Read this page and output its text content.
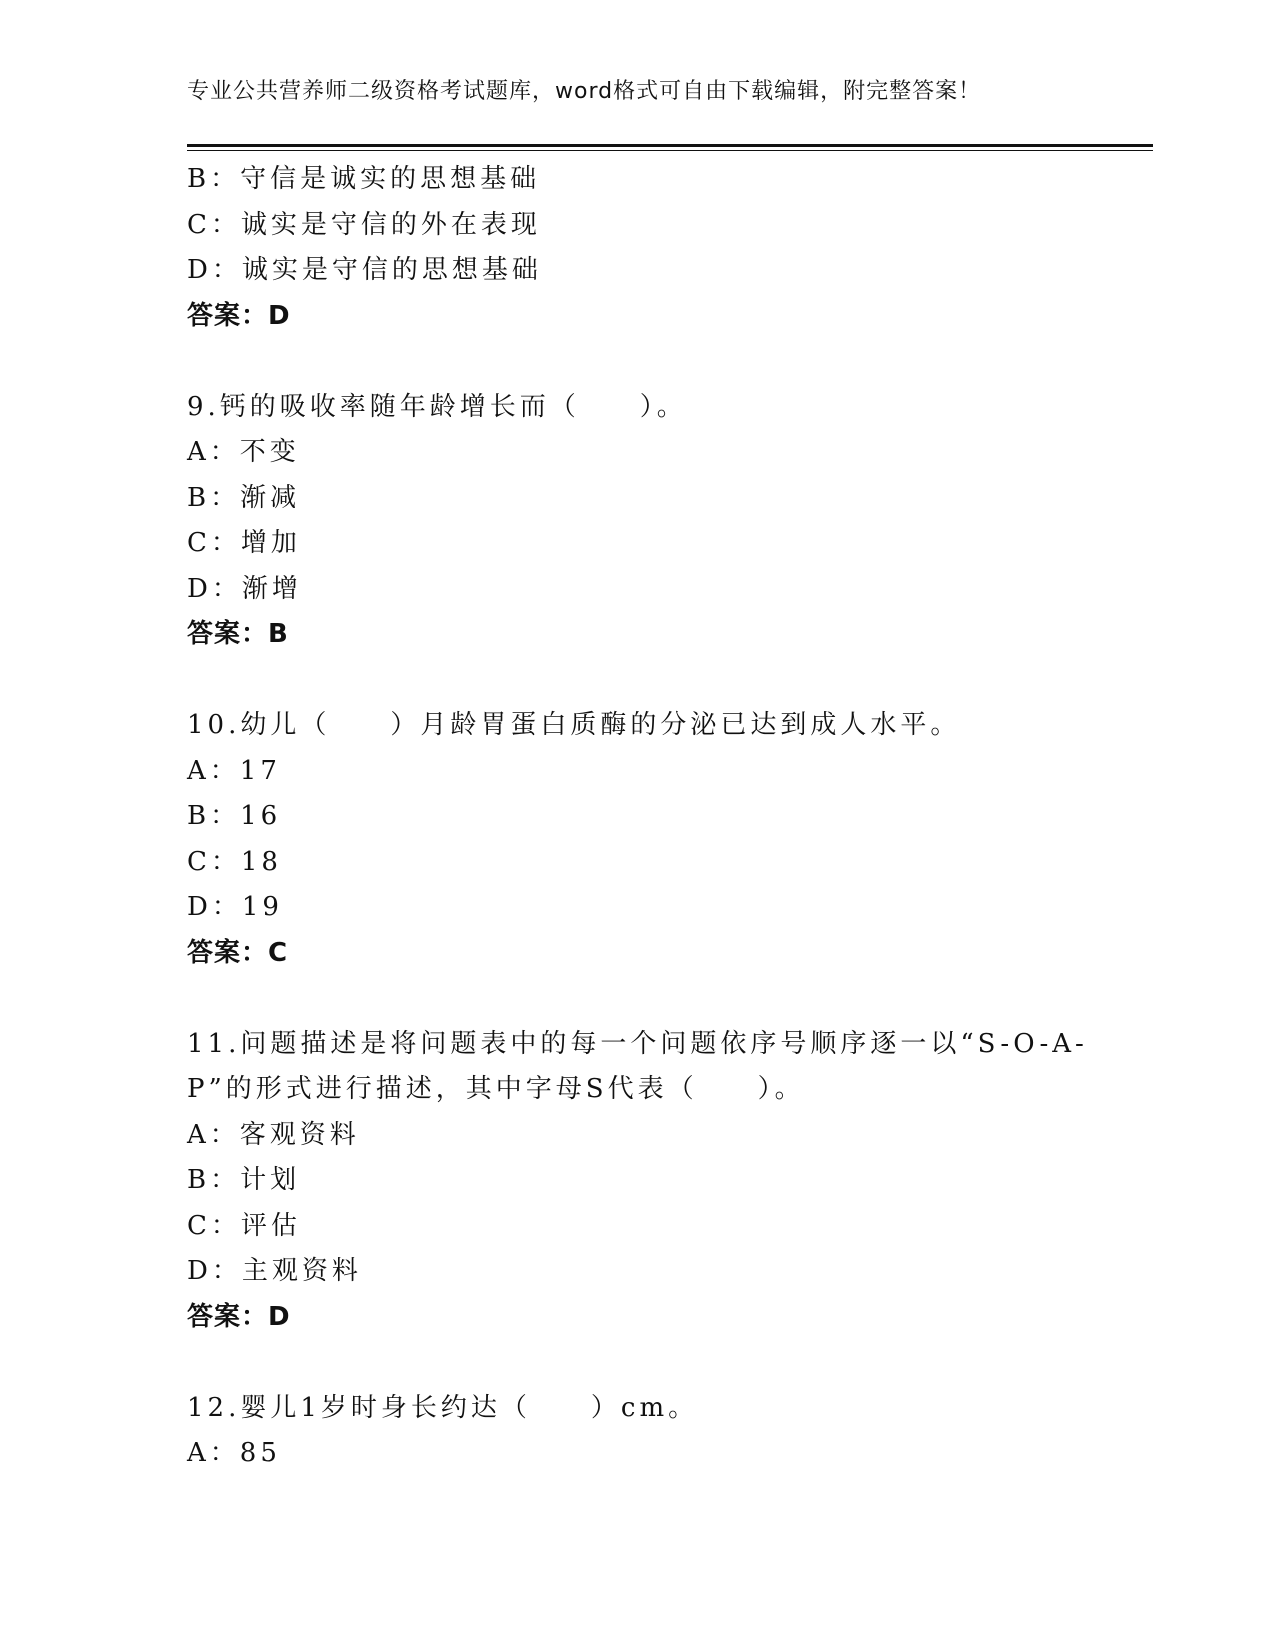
专业公共营养师二级资格考试题库，word格式可自由下载编辑，附完整答案！
B：守信是诚实的思想基础
C：诚实是守信的外在表现
D：诚实是守信的思想基础
答案：D
9.钙的吸收率随年龄增长而（　　）。
A：不变
B：渐减
C：增加
D：渐增
答案：B
10.幼儿（　　）月龄胃蛋白质酶的分泌已达到成人水平。
A：17
B：16
C：18
D：19
答案：C
11.问题描述是将问题表中的每一个问题依序号顺序逐一以“S-O-A-
P”的形式进行描述，其中字母S代表（　　）。
A：客观资料
B：计划
C：评估
D：主观资料
答案：D
12.婴儿1岁时身长约达（　　）cm。
A：85
